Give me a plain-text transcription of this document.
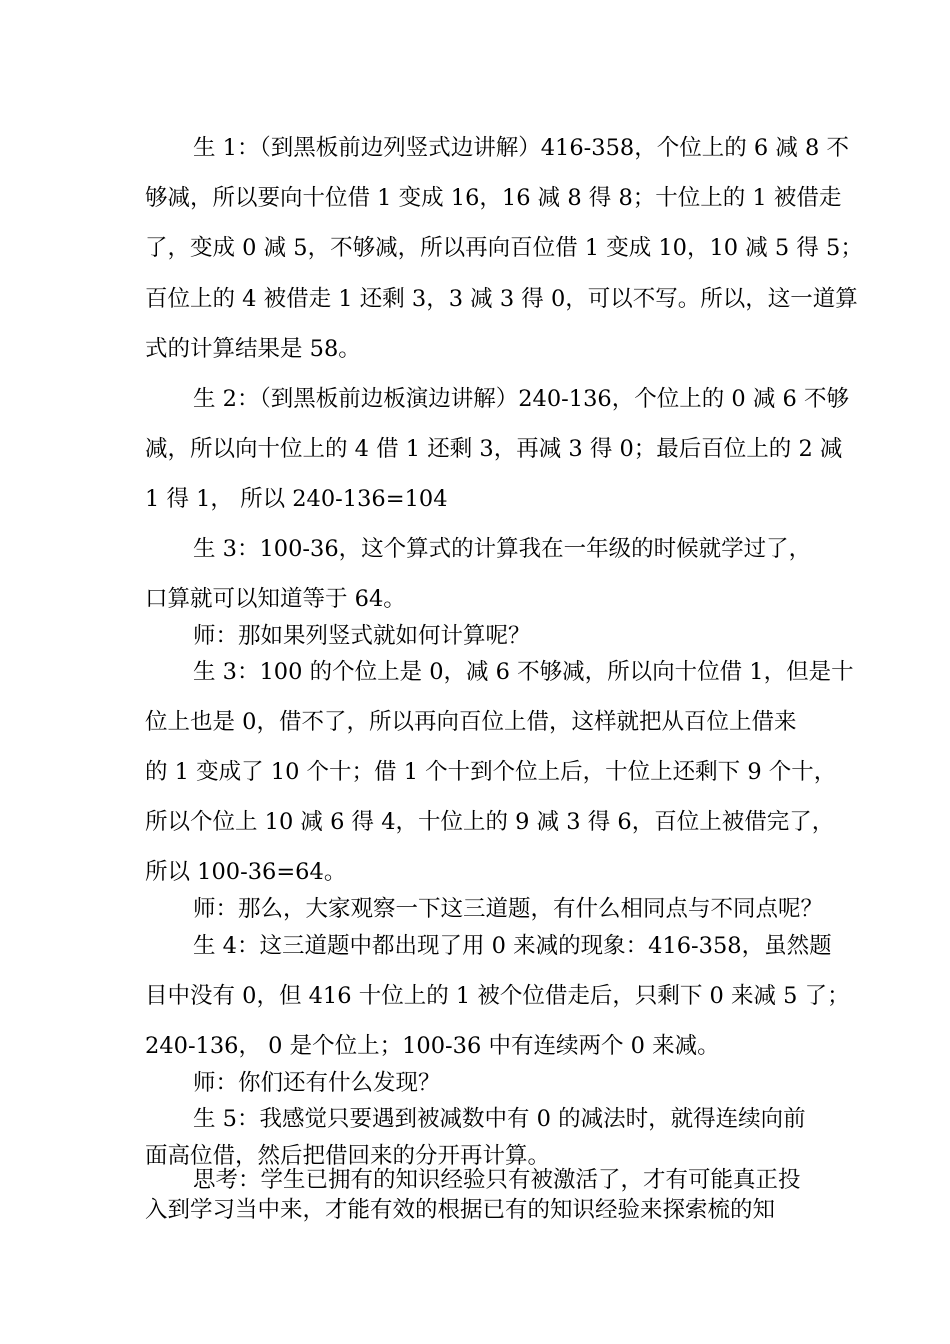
生 1：（到黑板前边列竖式边讲解）416-358，个位上的 6 减 8 不
够减，所以要向十位借 1 变成 16，16 减 8 得 8；十位上的 1 被借走
了，变成 0 减 5，不够减，所以再向百位借 1 变成 10，10 减 5 得 5；
百位上的 4 被借走 1 还剩 3，3 减 3 得 0，可以不写。所以，这一道算
式的计算结果是 58。
生 2：（到黑板前边板演边讲解）240-136，个位上的 0 减 6 不够
减，所以向十位上的 4 借 1 还剩 3，再减 3 得 0；最后百位上的 2 减
1 得 1， 所以 240-136=104
生 3：100-36，这个算式的计算我在一年级的时候就学过了，
口算就可以知道等于 64。
师：那如果列竖式就如何计算呢？
生 3：100 的个位上是 0，减 6 不够减，所以向十位借 1，但是十
位上也是 0，借不了，所以再向百位上借，这样就把从百位上借来
的 1 变成了 10 个十；借 1 个十到个位上后，十位上还剩下 9 个十，
所以个位上 10 减 6 得 4，十位上的 9 减 3 得 6，百位上被借完了，
所以 100-36=64。
师：那么，大家观察一下这三道题，有什么相同点与不同点呢？
生 4：这三道题中都出现了用 0 来减的现象：416-358，虽然题
目中没有 0，但 416 十位上的 1 被个位借走后，只剩下 0 来减 5 了；
240-136， 0 是个位上；100-36 中有连续两个 0 来减。
师：你们还有什么发现？
生 5：我感觉只要遇到被减数中有 0 的减法时，就得连续向前
面高位借，然后把借回来的分开再计算。
思考：学生已拥有的知识经验只有被激活了，才有可能真正投
入到学习当中来，才能有效的根据已有的知识经验来探索梳的知
